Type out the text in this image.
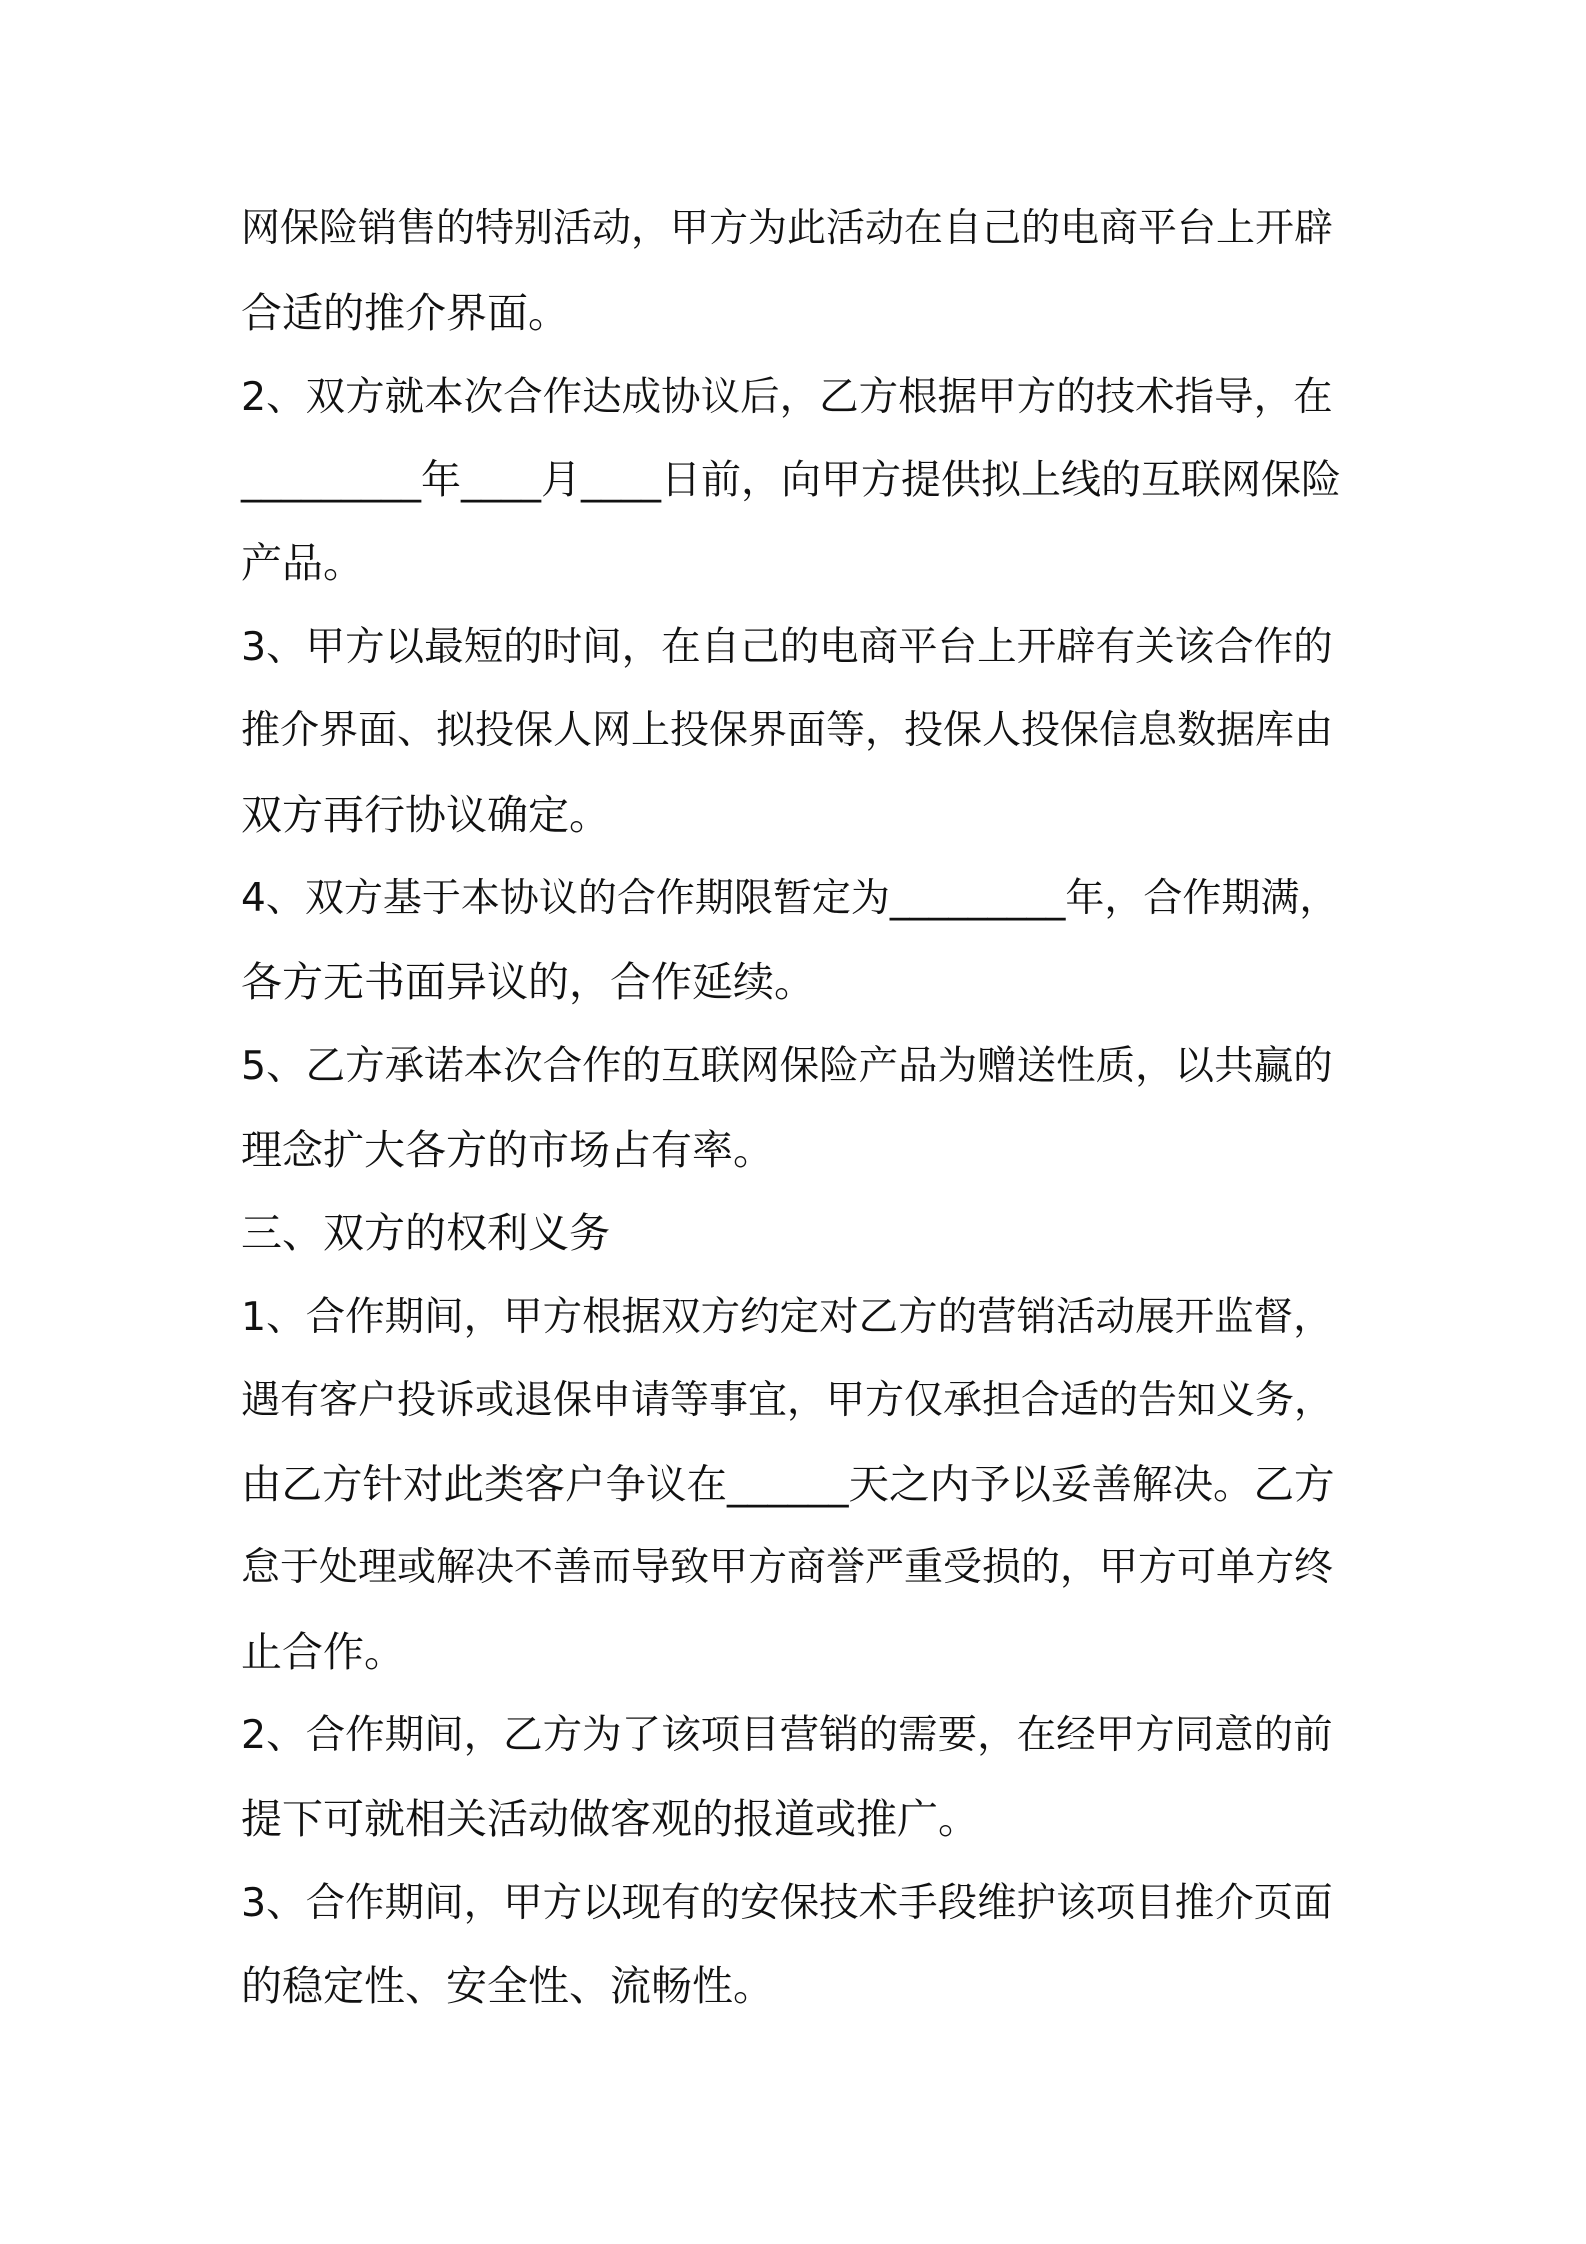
网保险销售的特别活动，甲方为此活动在自己的电商平台上开辟

合适的推介界面。

2、双方就本次合作达成协议后，乙方根据甲方的技术指导，在

_________年____月____日前，向甲方提供拟上线的互联网保险

产品。

3、甲方以最短的时间，在自己的电商平台上开辟有关该合作的

推介界面、拟投保人网上投保界面等，投保人投保信息数据库由

双方再行协议确定。

4、双方基于本协议的合作期限暂定为_________年，合作期满，

各方无书面异议的，合作延续。

5、乙方承诺本次合作的互联网保险产品为赠送性质，以共赢的

理念扩大各方的市场占有率。

三、双方的权利义务

1、合作期间，甲方根据双方约定对乙方的营销活动展开监督，

遇有客户投诉或退保申请等事宜，甲方仅承担合适的告知义务，

由乙方针对此类客户争议在______天之内予以妥善解决。乙方

怠于处理或解决不善而导致甲方商誉严重受损的，甲方可单方终

止合作。

2、合作期间，乙方为了该项目营销的需要，在经甲方同意的前

提下可就相关活动做客观的报道或推广。

3、合作期间，甲方以现有的安保技术手段维护该项目推介页面

的稳定性、安全性、流畅性。
